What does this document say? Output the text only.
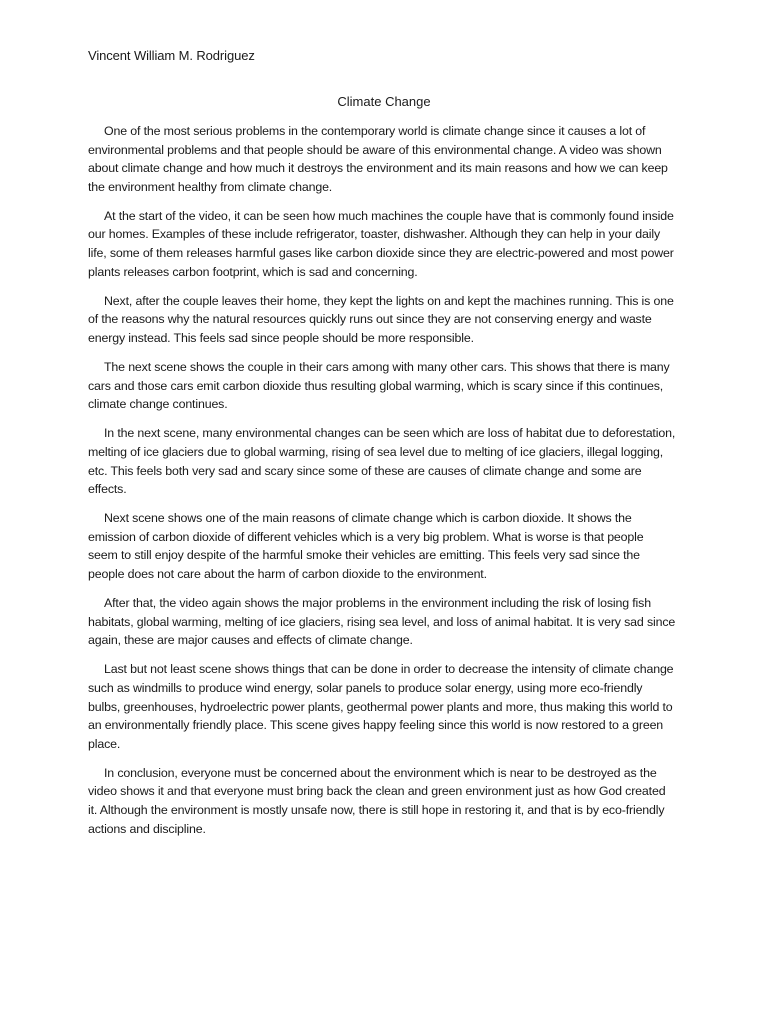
Vincent William M. Rodriguez
Climate Change

One of the most serious problems in the contemporary world is climate change since it causes a lot of environmental problems and that people should be aware of this environmental change. A video was shown about climate change and how much it destroys the environment and its main reasons and how we can keep the environment healthy from climate change.

At the start of the video, it can be seen how much machines the couple have that is commonly found inside our homes. Examples of these include refrigerator, toaster, dishwasher. Although they can help in your daily life, some of them releases harmful gases like carbon dioxide since they are electric-powered and most power plants releases carbon footprint, which is sad and concerning.

Next, after the couple leaves their home, they kept the lights on and kept the machines running. This is one of the reasons why the natural resources quickly runs out since they are not conserving energy and waste energy instead. This feels sad since people should be more responsible.

The next scene shows the couple in their cars among with many other cars. This shows that there is many cars and those cars emit carbon dioxide thus resulting global warming, which is scary since if this continues, climate change continues.

In the next scene, many environmental changes can be seen which are loss of habitat due to deforestation, melting of ice glaciers due to global warming, rising of sea level due to melting of ice glaciers, illegal logging, etc. This feels both very sad and scary since some of these are causes of climate change and some are effects.

Next scene shows one of the main reasons of climate change which is carbon dioxide. It shows the emission of carbon dioxide of different vehicles which is a very big problem. What is worse is that people seem to still enjoy despite of the harmful smoke their vehicles are emitting. This feels very sad since the people does not care about the harm of carbon dioxide to the environment.

After that, the video again shows the major problems in the environment including the risk of losing fish habitats, global warming, melting of ice glaciers, rising sea level, and loss of animal habitat. It is very sad since again, these are major causes and effects of climate change.

Last but not least scene shows things that can be done in order to decrease the intensity of climate change such as windmills to produce wind energy, solar panels to produce solar energy, using more eco-friendly bulbs, greenhouses, hydroelectric power plants, geothermal power plants and more, thus making this world to an environmentally friendly place. This scene gives happy feeling since this world is now restored to a green place.

In conclusion, everyone must be concerned about the environment which is near to be destroyed as the video shows it and that everyone must bring back the clean and green environment just as how God created it. Although the environment is mostly unsafe now, there is still hope in restoring it, and that is by eco-friendly actions and discipline.
